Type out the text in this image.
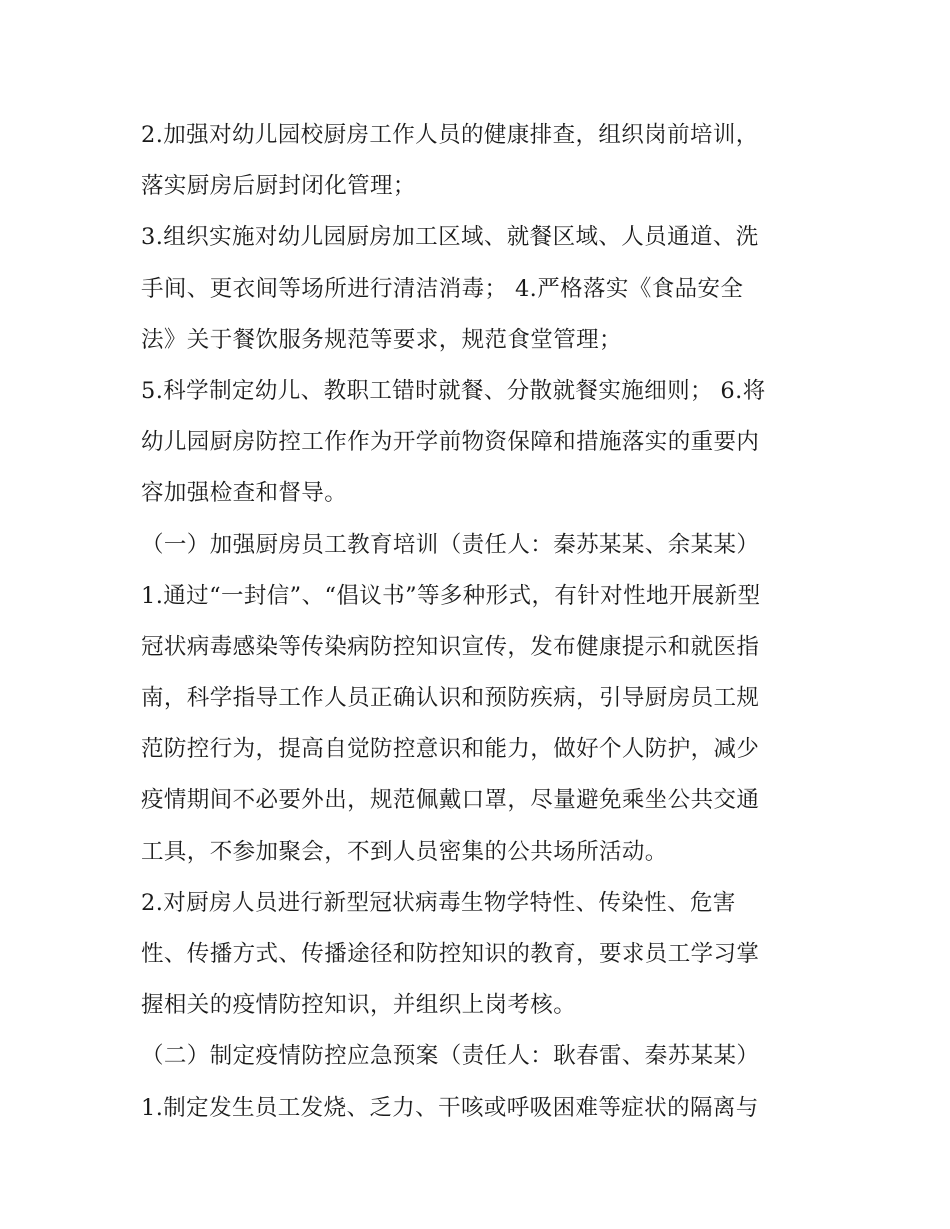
2.加强对幼儿园校厨房工作人员的健康排查，组织岗前培训，
落实厨房后厨封闭化管理；
3.组织实施对幼儿园厨房加工区域、就餐区域、人员通道、洗
手间、更衣间等场所进行清洁消毒； 4.严格落实《食品安全
法》关于餐饮服务规范等要求，规范食堂管理；
5.科学制定幼儿、教职工错时就餐、分散就餐实施细则； 6.将
幼儿园厨房防控工作作为开学前物资保障和措施落实的重要内
容加强检查和督导。
（一）加强厨房员工教育培训（责任人：秦苏某某、余某某）
1.通过“一封信”、“倡议书”等多种形式，有针对性地开展新型
冠状病毒感染等传染病防控知识宣传，发布健康提示和就医指
南，科学指导工作人员正确认识和预防疾病，引导厨房员工规
范防控行为，提高自觉防控意识和能力，做好个人防护，减少
疫情期间不必要外出，规范佩戴口罩，尽量避免乘坐公共交通
工具，不参加聚会，不到人员密集的公共场所活动。
2.对厨房人员进行新型冠状病毒生物学特性、传染性、危害
性、传播方式、传播途径和防控知识的教育，要求员工学习掌
握相关的疫情防控知识，并组织上岗考核。
（二）制定疫情防控应急预案（责任人：耿春雷、秦苏某某）
1.制定发生员工发烧、乏力、干咳或呼吸困难等症状的隔离与
